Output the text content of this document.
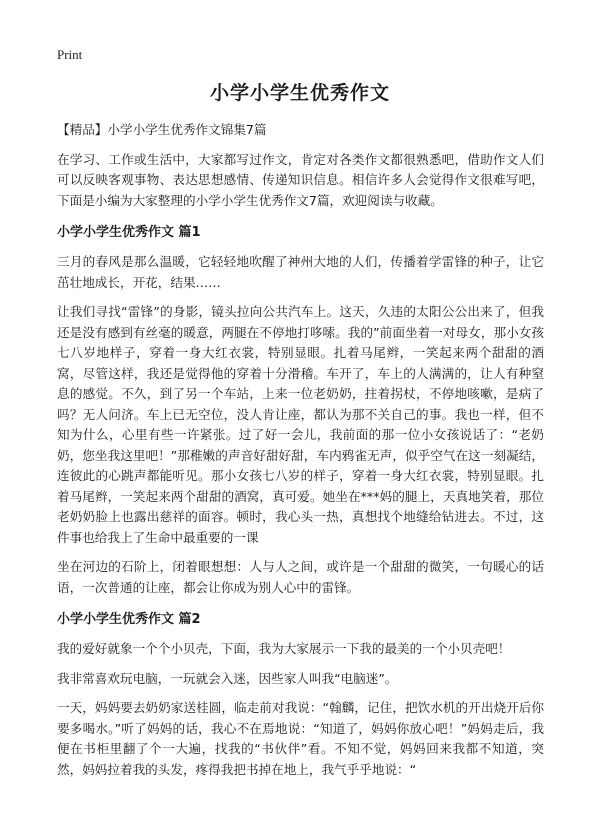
Print
小学小学生优秀作文

【精品】小学小学生优秀作文锦集7篇

在学习、工作或生活中，大家都写过作文，肯定对各类作文都很熟悉吧，借助作文人们可以反映客观事物、表达思想感情、传递知识信息。相信许多人会觉得作文很难写吧，下面是小编为大家整理的小学小学生优秀作文7篇，欢迎阅读与收藏。

小学小学生优秀作文 篇1

三月的春风是那么温暖，它轻轻地吹醒了神州大地的人们，传播着学雷锋的种子，让它茁壮地成长，开花，结果……

让我们寻找“雷锋”的身影，镜头拉向公共汽车上。这天，久违的太阳公公出来了，但我还是没有感到有丝毫的暖意，两腿在不停地打哆嗦。我的”前面坐着一对母女，那小女孩七八岁地样子，穿着一身大红衣裳，特别显眼。扎着马尾辫，一笑起来两个甜甜的酒窝，尽管这样，我还是觉得他的穿着十分滑稽。车开了，车上的人满满的，让人有种窒息的感觉。不久，到了另一个车站，上来一位老奶奶，拄着拐杖，不停地咳嗽，是病了吗？无人问济。车上已无空位，没人肯让座，都认为那不关自己的事。我也一样，但不知为什么，心里有些一许紧张。过了好一会儿，我前面的那一位小女孩说话了：“老奶奶，您坐我这里吧！”那稚嫩的声音好甜好甜，车内鸦雀无声，似乎空气在这一刻凝结，连彼此的心跳声都能听见。那小女孩七八岁的样子，穿着一身大红衣裳，特别显眼。扎着马尾辫，一笑起来两个甜甜的酒窝，真可爱。她坐在***妈的腿上，天真地笑着，那位老奶奶脸上也露出慈祥的面容。顿时，我心头一热，真想找个地缝给钻进去。不过，这件事也给我上了生命中最重要的一课

坐在河边的石阶上，闭着眼想想：人与人之间，或许是一个甜甜的微笑，一句暖心的话语，一次普通的让座，都会让你成为别人心中的雷锋。

小学小学生优秀作文 篇2

我的爱好就象一个个小贝壳，下面，我为大家展示一下我的最美的一个小贝壳吧！

我非常喜欢玩电脑，一玩就会入迷，因些家人叫我“电脑迷”。

一天，妈妈要去奶奶家送桂圆，临走前对我说：“翰麟，记住，把饮水机的开出烧开后你要多喝水。”听了妈妈的话，我心不在焉地说：“知道了，妈妈你放心吧！”妈妈走后，我便在书柜里翻了个一大遍，找我的“书伙伴”看。不知不觉，妈妈回来我都不知道，突然，妈妈拉着我的头发，疼得我把书掉在地上，我气乎乎地说：“
